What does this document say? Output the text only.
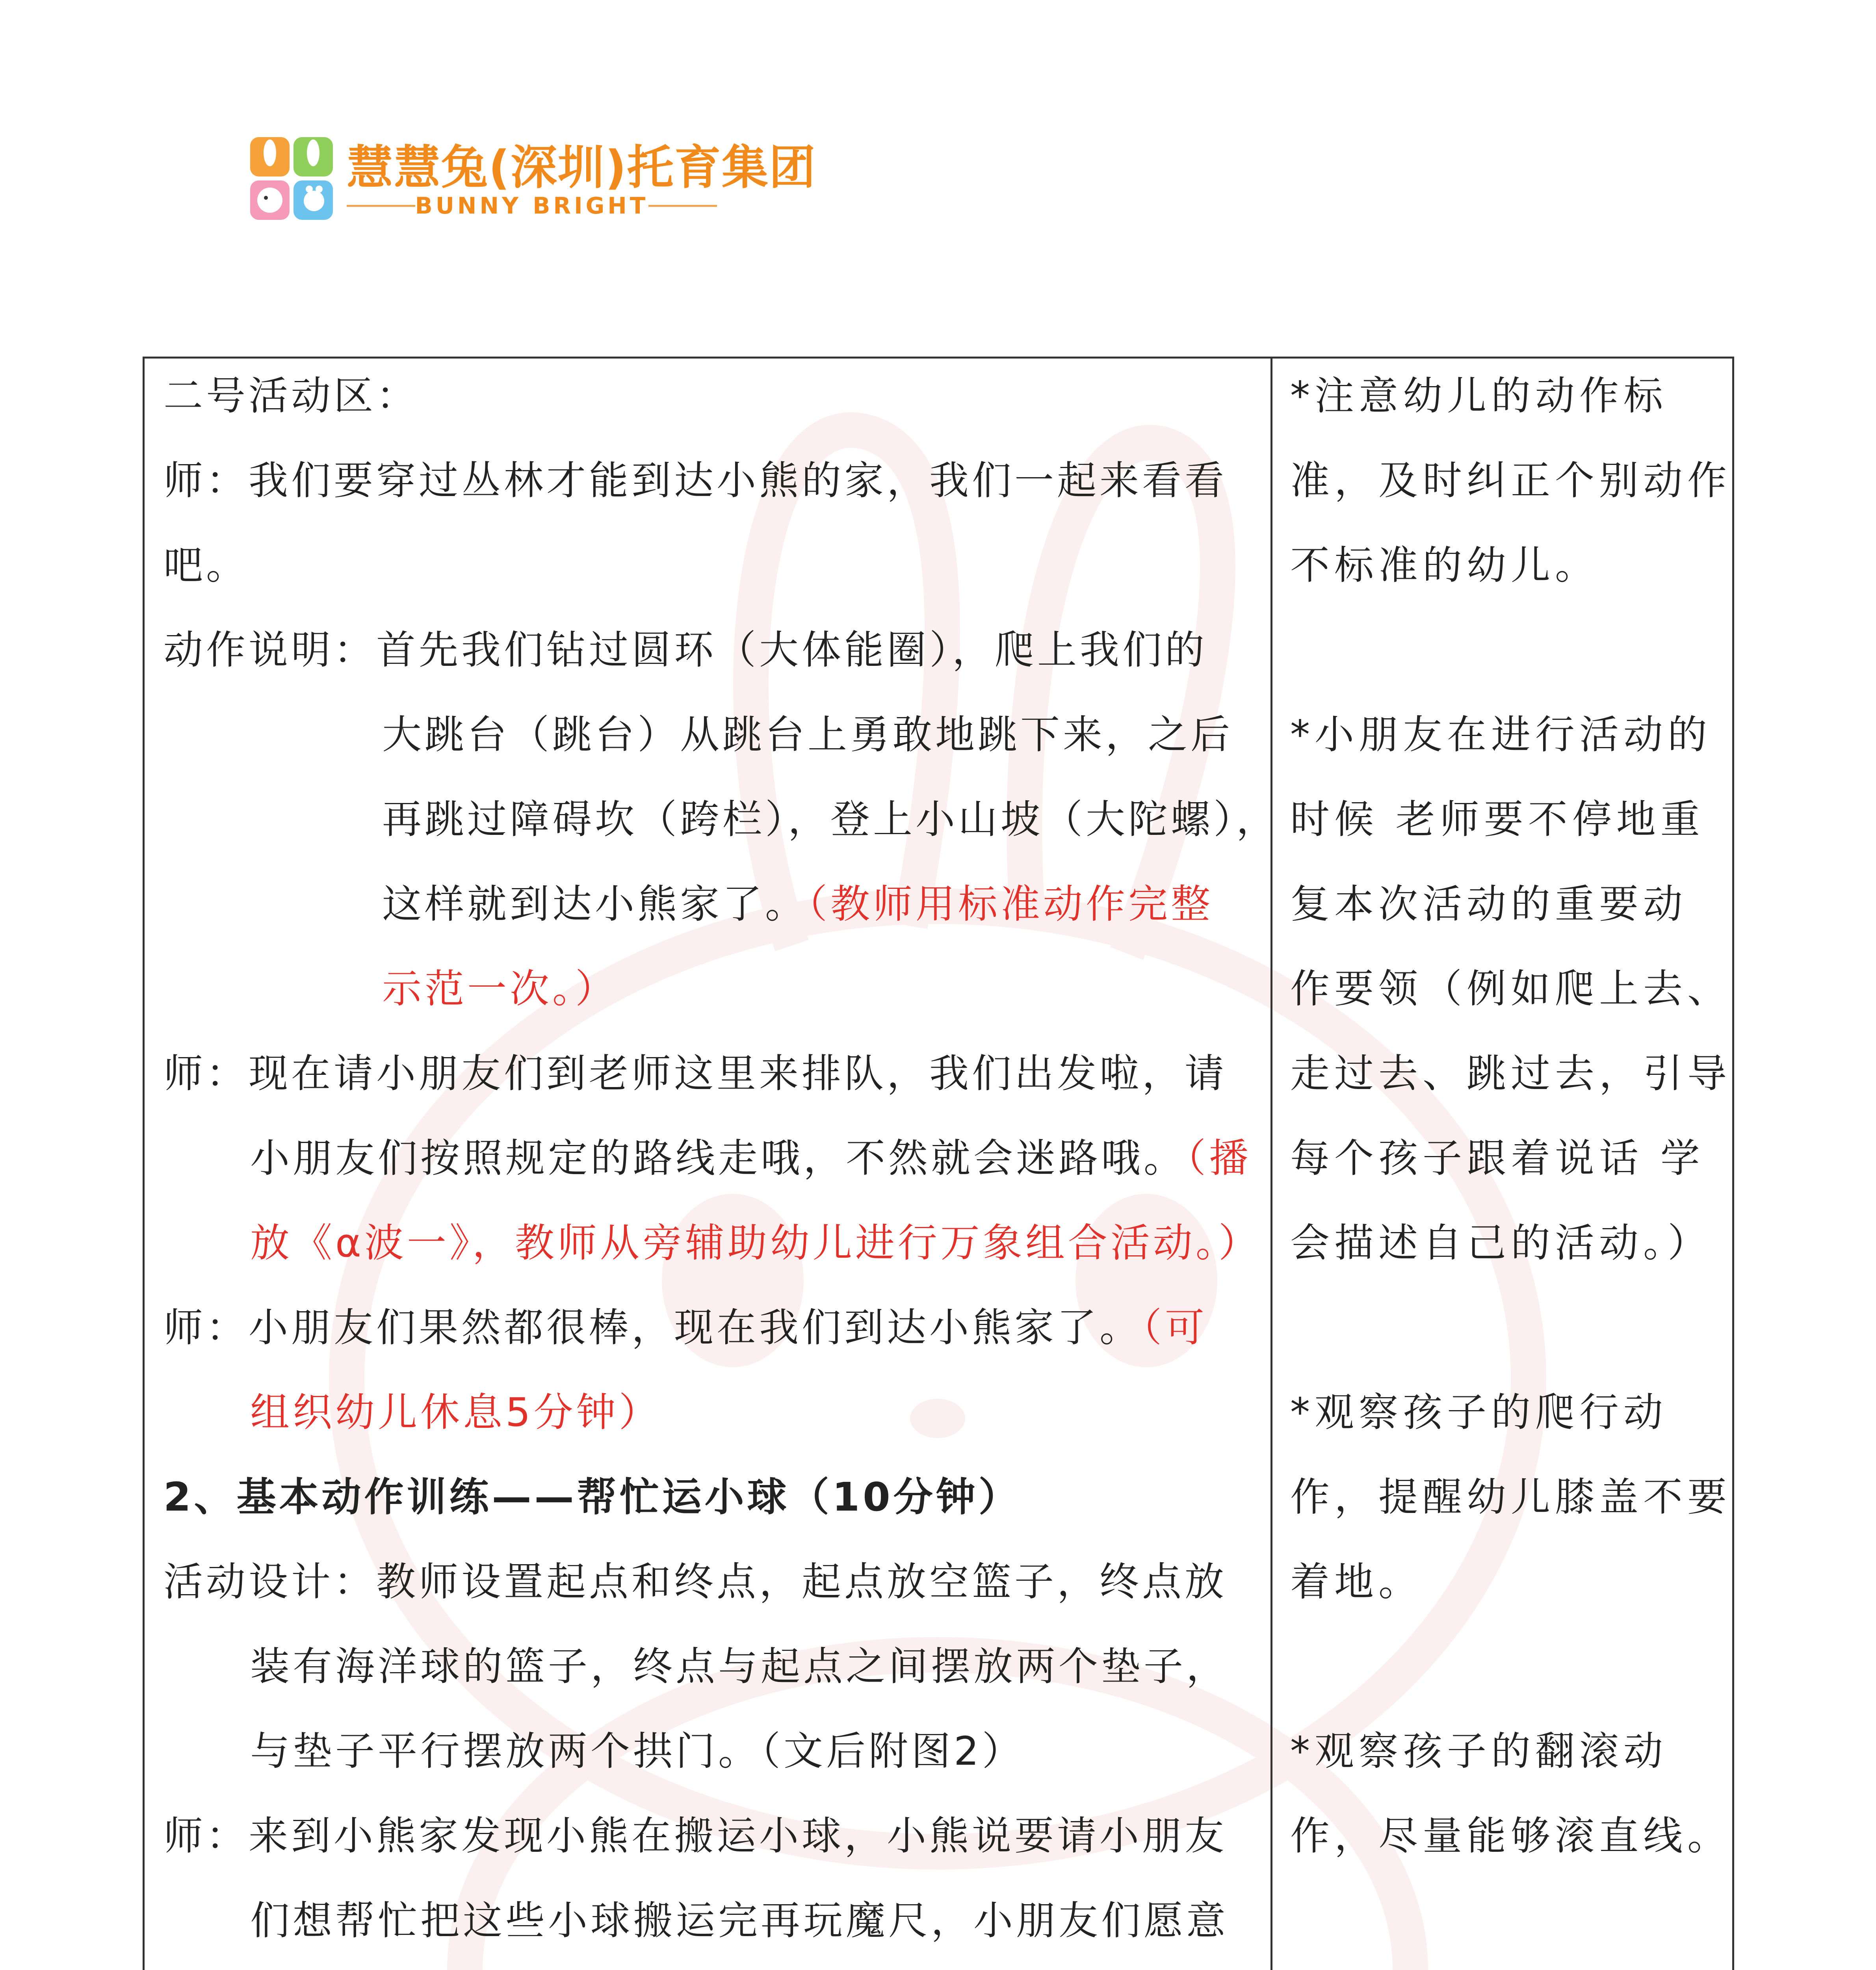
慧慧兔(深圳)托育集团
BUNNY BRIGHT
二号活动区：
师：我们要穿过丛林才能到达小熊的家，我们一起来看看
吧。
动作说明：首先我们钻过圆环（大体能圈），爬上我们的
大跳台（跳台）从跳台上勇敢地跳下来，之后
再跳过障碍坎（跨栏），登上小山坡（大陀螺），
这样就到达小熊家了。（教师用标准动作完整
示范一次。）
师：现在请小朋友们到老师这里来排队，我们出发啦，请
小朋友们按照规定的路线走哦，不然就会迷路哦。（播
放《α波一》，教师从旁辅助幼儿进行万象组合活动。）
师：小朋友们果然都很棒，现在我们到达小熊家了。（可
组织幼儿休息5分钟）
2、基本动作训练——帮忙运小球（10分钟）
活动设计：教师设置起点和终点，起点放空篮子，终点放
装有海洋球的篮子，终点与起点之间摆放两个垫子，
与垫子平行摆放两个拱门。（文后附图2）
师：来到小熊家发现小熊在搬运小球，小熊说要请小朋友
们想帮忙把这些小球搬运完再玩魔尺，小朋友们愿意
*注意幼儿的动作标
准，及时纠正个别动作
不标准的幼儿。
*小朋友在进行活动的
时候 老师要不停地重
复本次活动的重要动
作要领（例如爬上去、
走过去、跳过去，引导
每个孩子跟着说话 学
会描述自己的活动。）
*观察孩子的爬行动
作，提醒幼儿膝盖不要
着地。
*观察孩子的翻滚动
作，尽量能够滚直线。
